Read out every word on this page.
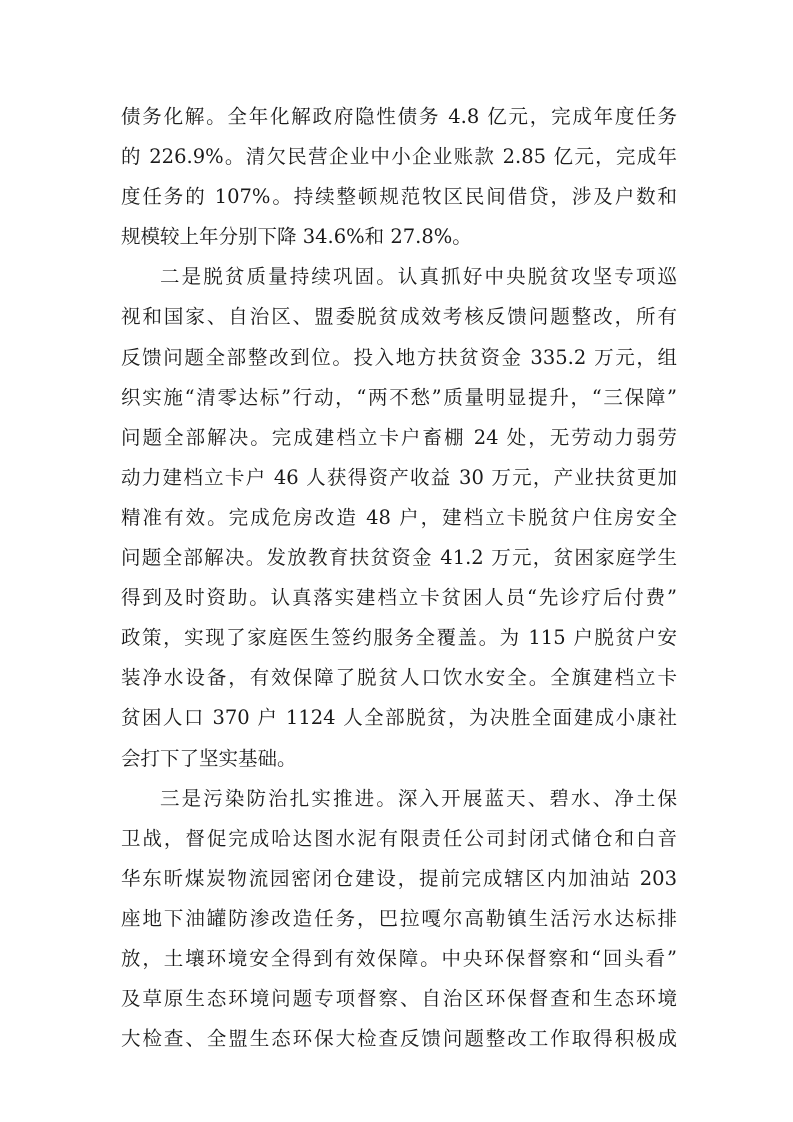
债务化解。全年化解政府隐性债务 4.8 亿元，完成年度任务
的 226.9%。清欠民营企业中小企业账款 2.85 亿元，完成年
度任务的 107%。持续整顿规范牧区民间借贷，涉及户数和
规模较上年分别下降 34.6%和 27.8%。
二是脱贫质量持续巩固。认真抓好中央脱贫攻坚专项巡
视和国家、自治区、盟委脱贫成效考核反馈问题整改，所有
反馈问题全部整改到位。投入地方扶贫资金 335.2 万元，组
织实施“清零达标”行动，“两不愁”质量明显提升，“三保障”
问题全部解决。完成建档立卡户畜棚 24 处，无劳动力弱劳
动力建档立卡户 46 人获得资产收益 30 万元，产业扶贫更加
精准有效。完成危房改造 48 户，建档立卡脱贫户住房安全
问题全部解决。发放教育扶贫资金 41.2 万元，贫困家庭学生
得到及时资助。认真落实建档立卡贫困人员“先诊疗后付费”
政策，实现了家庭医生签约服务全覆盖。为 115 户脱贫户安
装净水设备，有效保障了脱贫人口饮水安全。全旗建档立卡
贫困人口 370 户 1124 人全部脱贫，为决胜全面建成小康社
会打下了坚实基础。
三是污染防治扎实推进。深入开展蓝天、碧水、净土保
卫战，督促完成哈达图水泥有限责任公司封闭式储仓和白音
华东昕煤炭物流园密闭仓建设，提前完成辖区内加油站 203
座地下油罐防渗改造任务，巴拉嘎尔高勒镇生活污水达标排
放，土壤环境安全得到有效保障。中央环保督察和“回头看”
及草原生态环境问题专项督察、自治区环保督查和生态环境
大检查、全盟生态环保大检查反馈问题整改工作取得积极成
